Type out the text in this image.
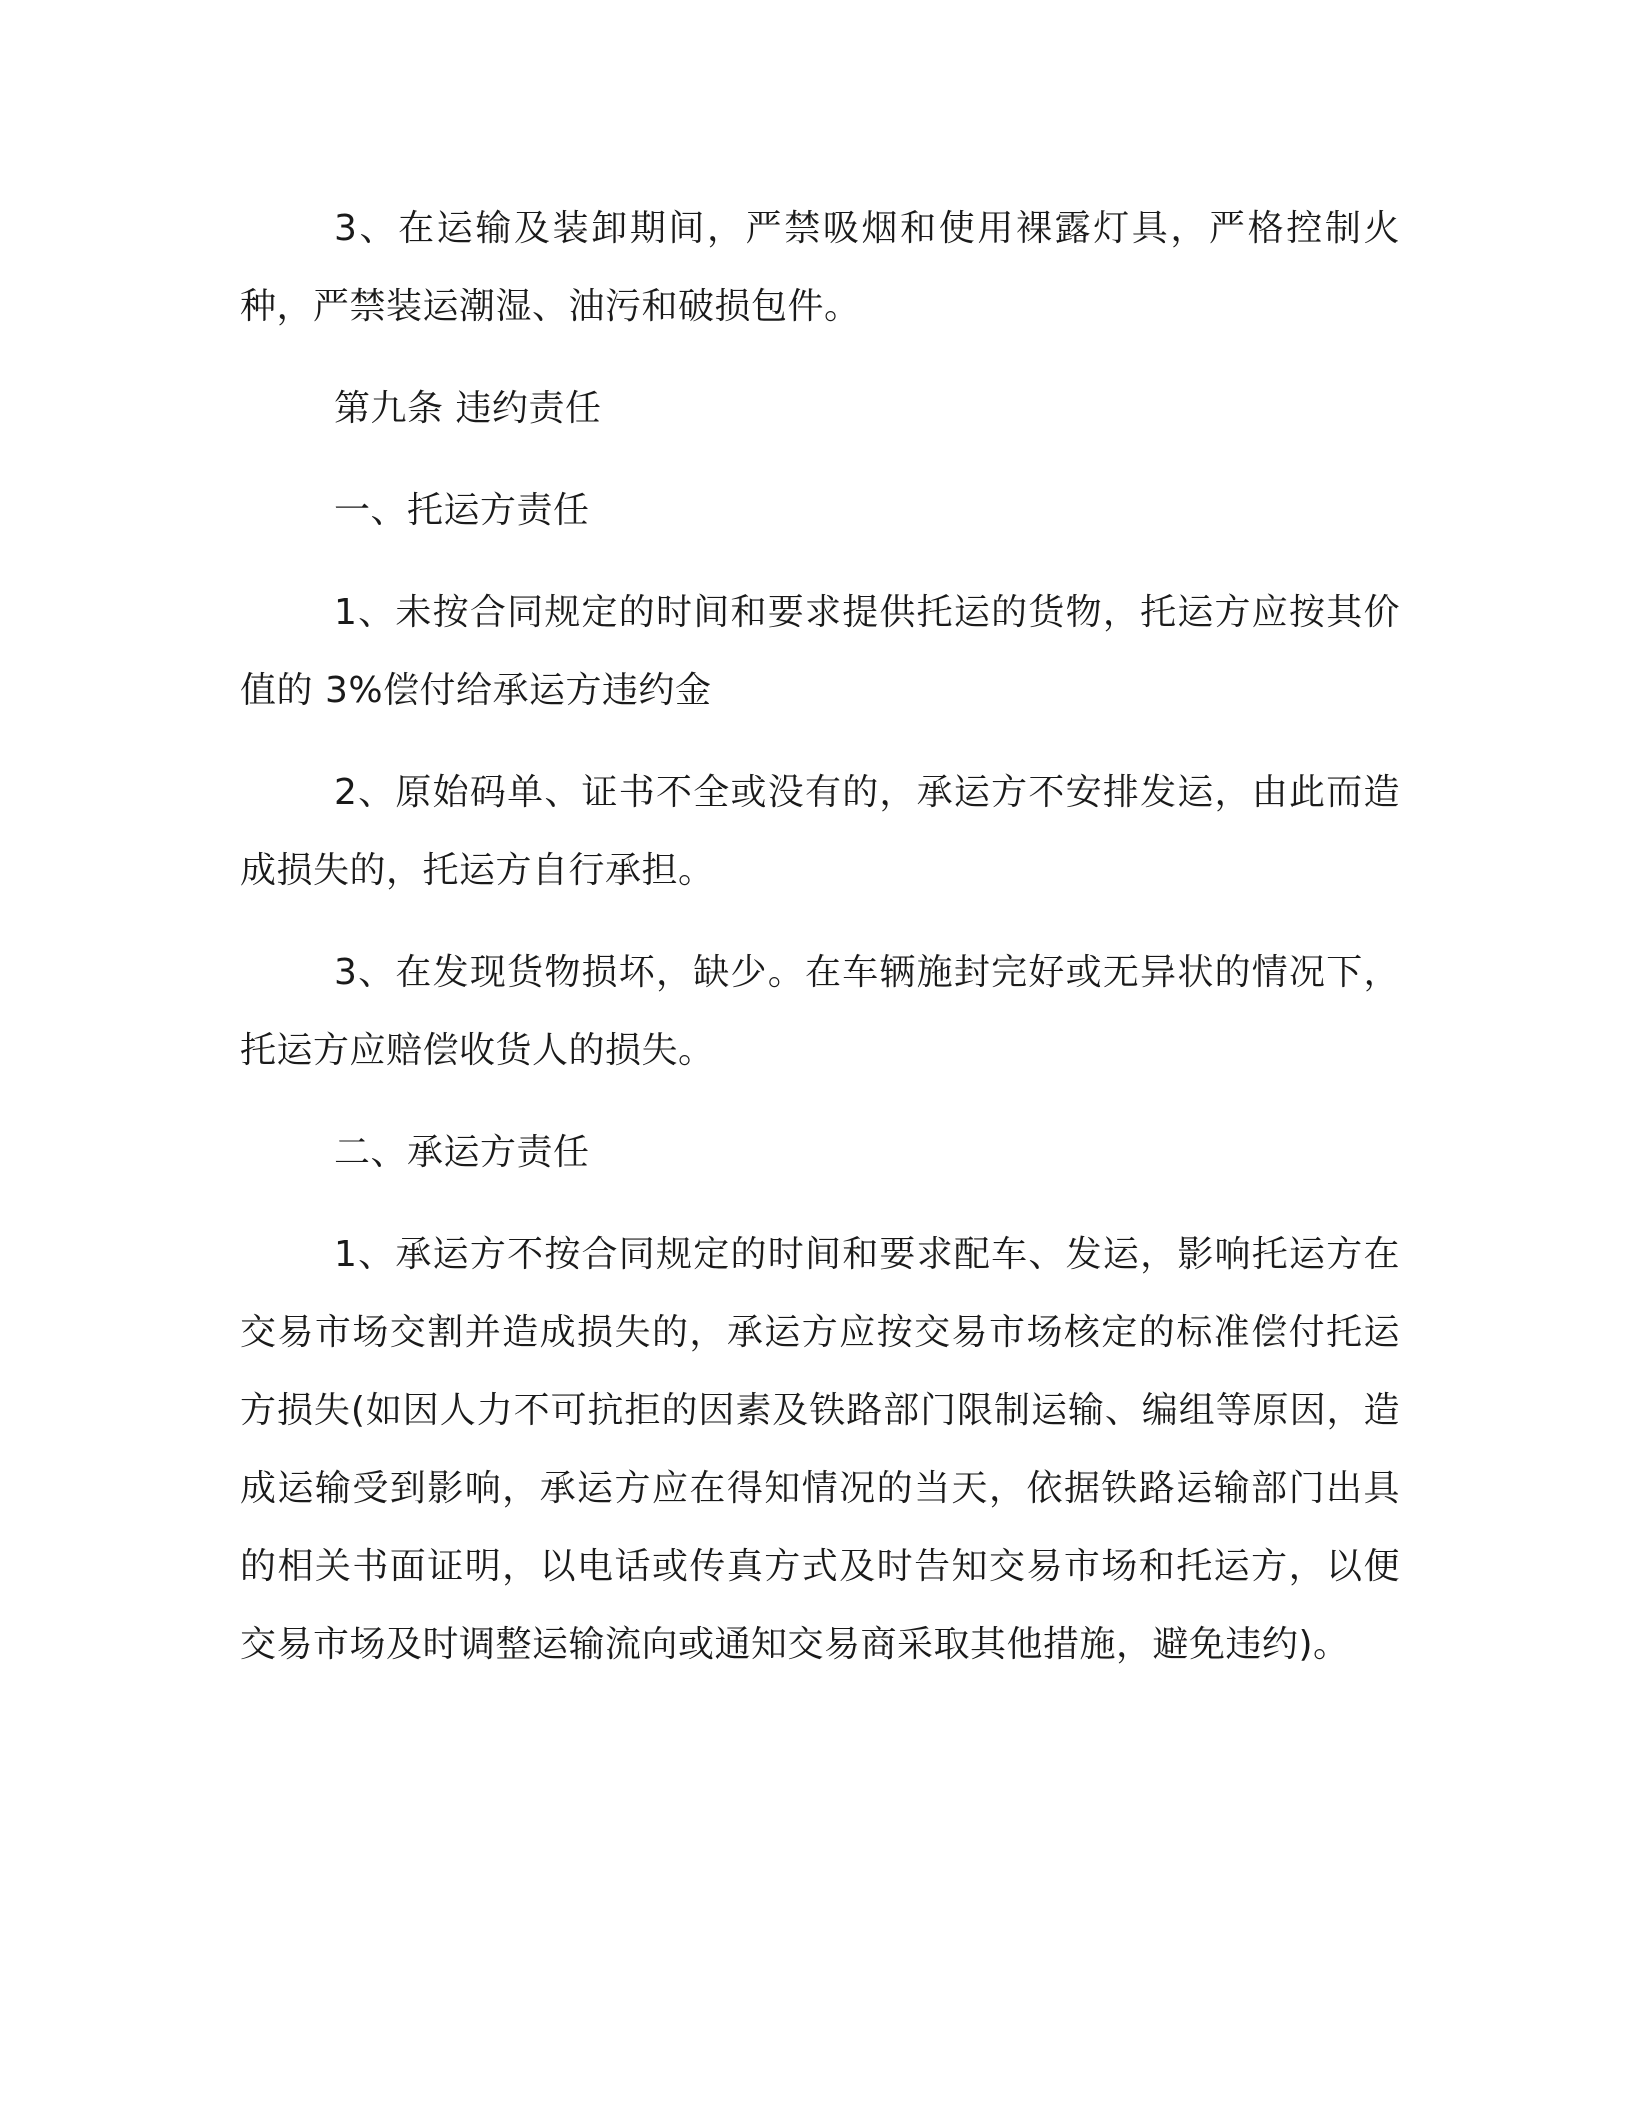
3、在运输及装卸期间，严禁吸烟和使用裸露灯具，严格控制火种，严禁装运潮湿、油污和破损包件。

第九条 违约责任

一、托运方责任

1、未按合同规定的时间和要求提供托运的货物，托运方应按其价值的 3%偿付给承运方违约金

2、原始码单、证书不全或没有的，承运方不安排发运，由此而造成损失的，托运方自行承担。

3、在发现货物损坏，缺少。在车辆施封完好或无异状的情况下，托运方应赔偿收货人的损失。

二、承运方责任

1、承运方不按合同规定的时间和要求配车、发运，影响托运方在交易市场交割并造成损失的，承运方应按交易市场核定的标准偿付托运方损失(如因人力不可抗拒的因素及铁路部门限制运输、编组等原因，造成运输受到影响，承运方应在得知情况的当天，依据铁路运输部门出具的相关书面证明，以电话或传真方式及时告知交易市场和托运方，以便交易市场及时调整运输流向或通知交易商采取其他措施，避免违约)。
